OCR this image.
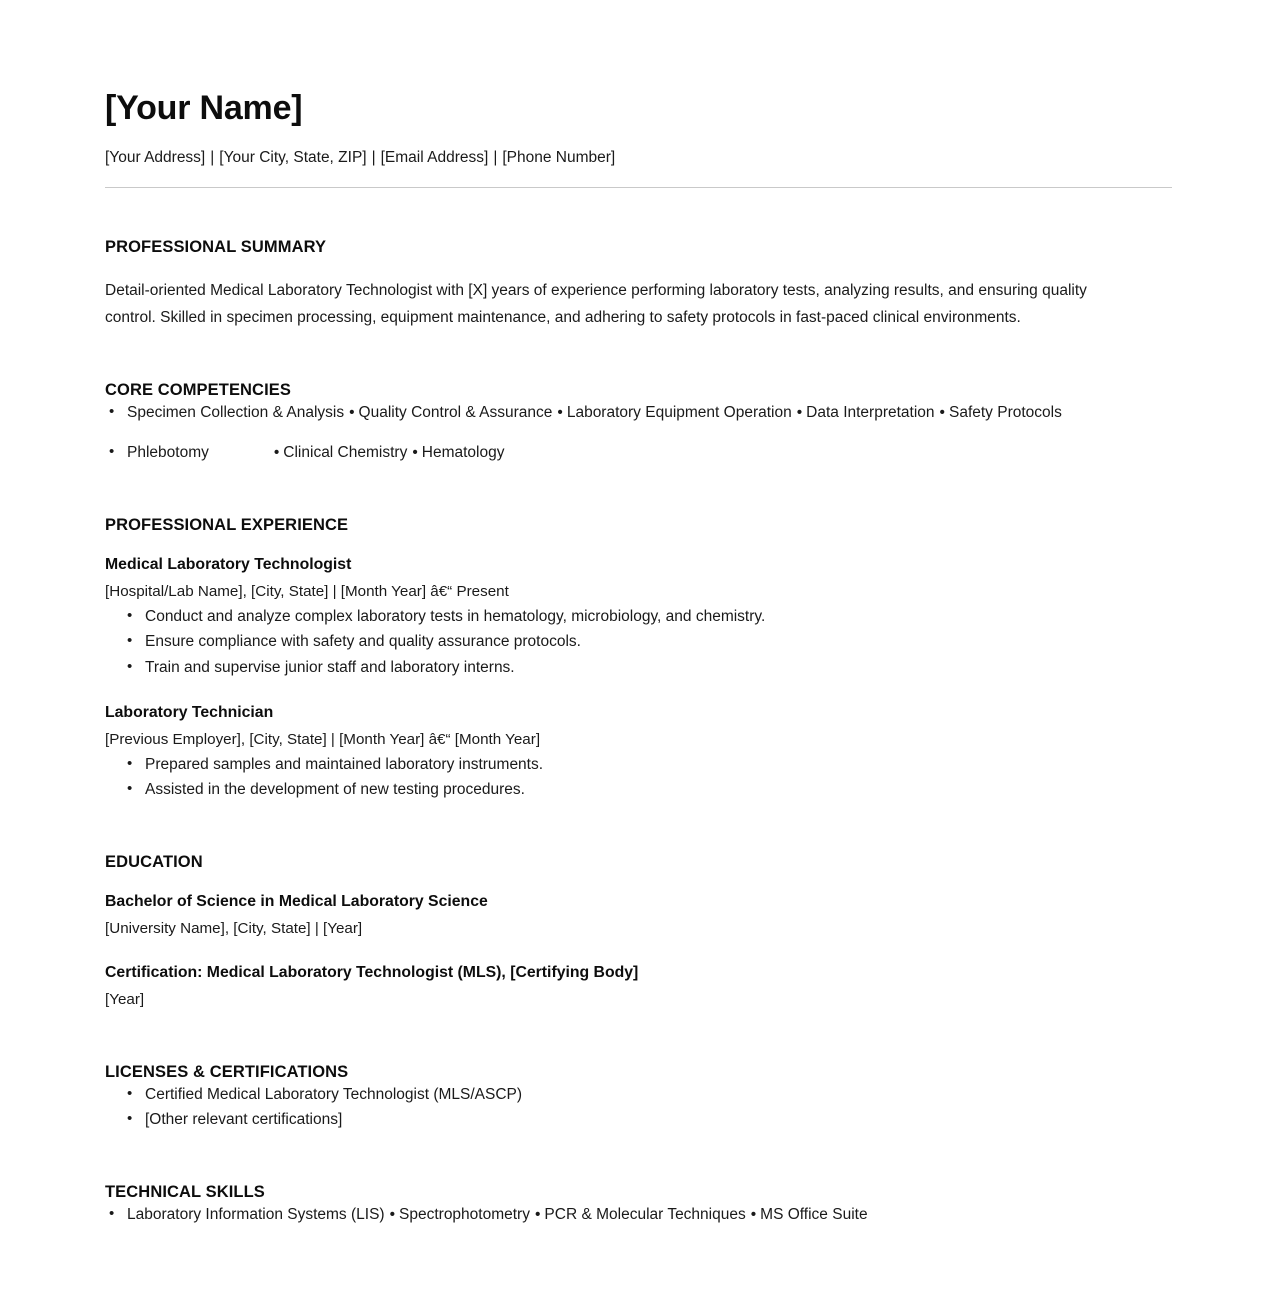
[Your Name]
[Your Address] | [Your City, State, ZIP] | [Email Address] | [Phone Number]
PROFESSIONAL SUMMARY

Detail-oriented Medical Laboratory Technologist with [X] years of experience performing laboratory tests, analyzing results, and ensuring quality control. Skilled in specimen processing, equipment maintenance, and adhering to safety protocols in fast-paced clinical environments.

CORE COMPETENCIES
• Specimen Collection & Analysis • Quality Control & Assurance • Laboratory Equipment Operation • Data Interpretation • Safety Protocols
• Phlebotomy	• Clinical Chemistry • Hematology
PROFESSIONAL EXPERIENCE
Medical Laboratory Technologist
[Hospital/Lab Name], [City, State] | [Month Year] â€“ Present
• Conduct and analyze complex laboratory tests in hematology, microbiology, and chemistry.
• Ensure compliance with safety and quality assurance protocols.
• Train and supervise junior staff and laboratory interns.
Laboratory Technician
[Previous Employer], [City, State] | [Month Year] â€“ [Month Year]
• Prepared samples and maintained laboratory instruments.
• Assisted in the development of new testing procedures.
EDUCATION
Bachelor of Science in Medical Laboratory Science
[University Name], [City, State] | [Year]
Certification: Medical Laboratory Technologist (MLS), [Certifying Body]
[Year]
LICENSES & CERTIFICATIONS
• Certified Medical Laboratory Technologist (MLS/ASCP)
• [Other relevant certifications]
TECHNICAL SKILLS
• Laboratory Information Systems (LIS) • Spectrophotometry • PCR & Molecular Techniques • MS Office Suite
